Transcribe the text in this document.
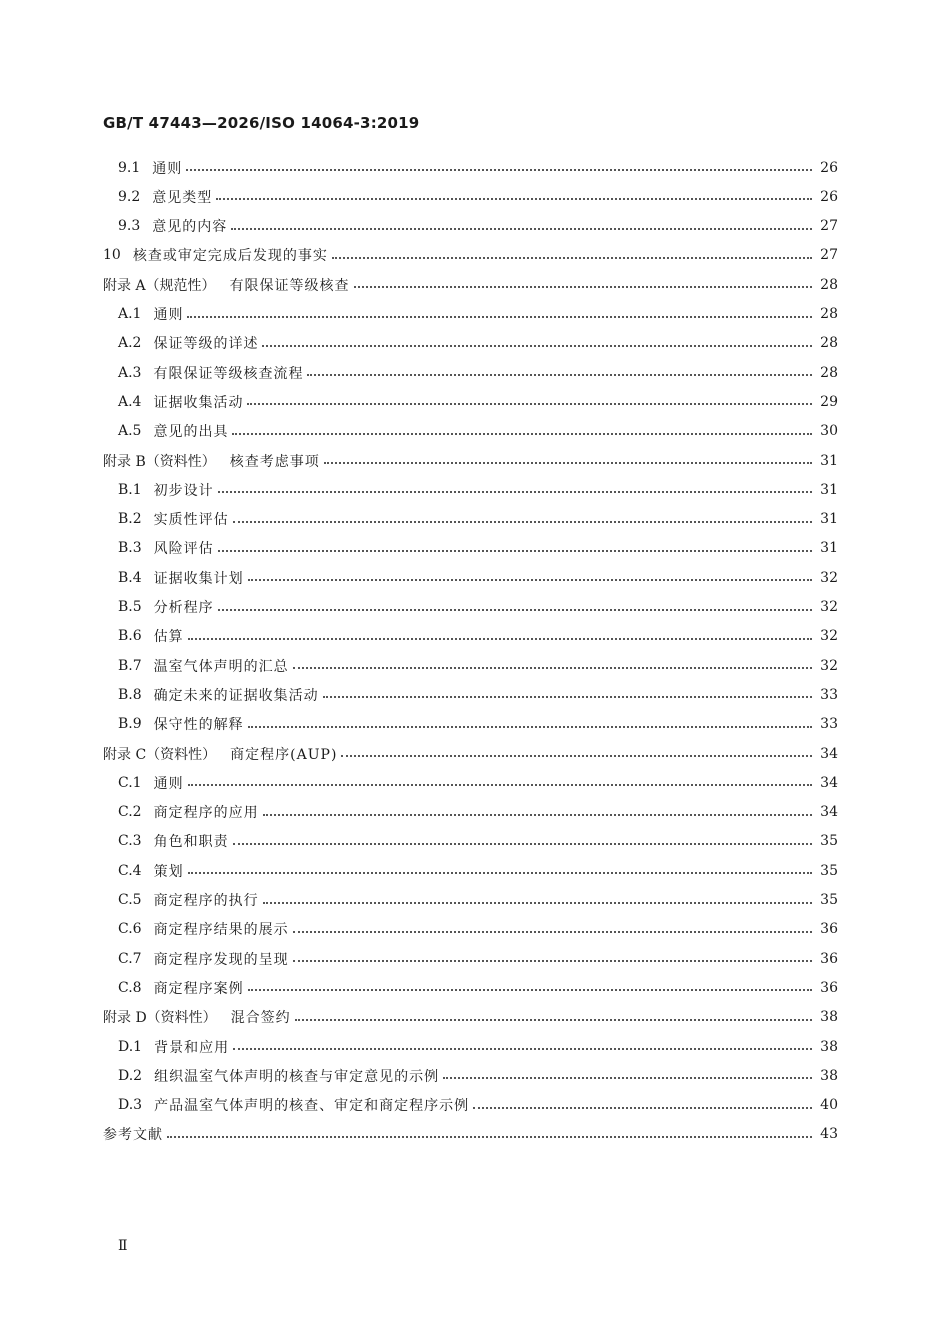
GB/T 47443—2026/ISO 14064-3:2019
9.1 通则	26
9.2 意见类型	26
9.3 意见的内容	27
10 核查或审定完成后发现的事实	27
附录 A（规范性） 有限保证等级核查	28
A.1 通则	28
A.2 保证等级的详述	28
A.3 有限保证等级核查流程	28
A.4 证据收集活动	29
A.5 意见的出具	30
附录 B（资料性） 核查考虑事项	31
B.1 初步设计	31
B.2 实质性评估	31
B.3 风险评估	31
B.4 证据收集计划	32
B.5 分析程序	32
B.6 估算	32
B.7 温室气体声明的汇总	32
B.8 确定未来的证据收集活动	33
B.9 保守性的解释	33
附录 C（资料性） 商定程序(AUP)	34
C.1 通则	34
C.2 商定程序的应用	34
C.3 角色和职责	35
C.4 策划	35
C.5 商定程序的执行	35
C.6 商定程序结果的展示	36
C.7 商定程序发现的呈现	36
C.8 商定程序案例	36
附录 D（资料性） 混合签约	38
D.1 背景和应用	38
D.2 组织温室气体声明的核查与审定意见的示例	38
D.3 产品温室气体声明的核查、审定和商定程序示例	40
参考文献	43
Ⅱ
